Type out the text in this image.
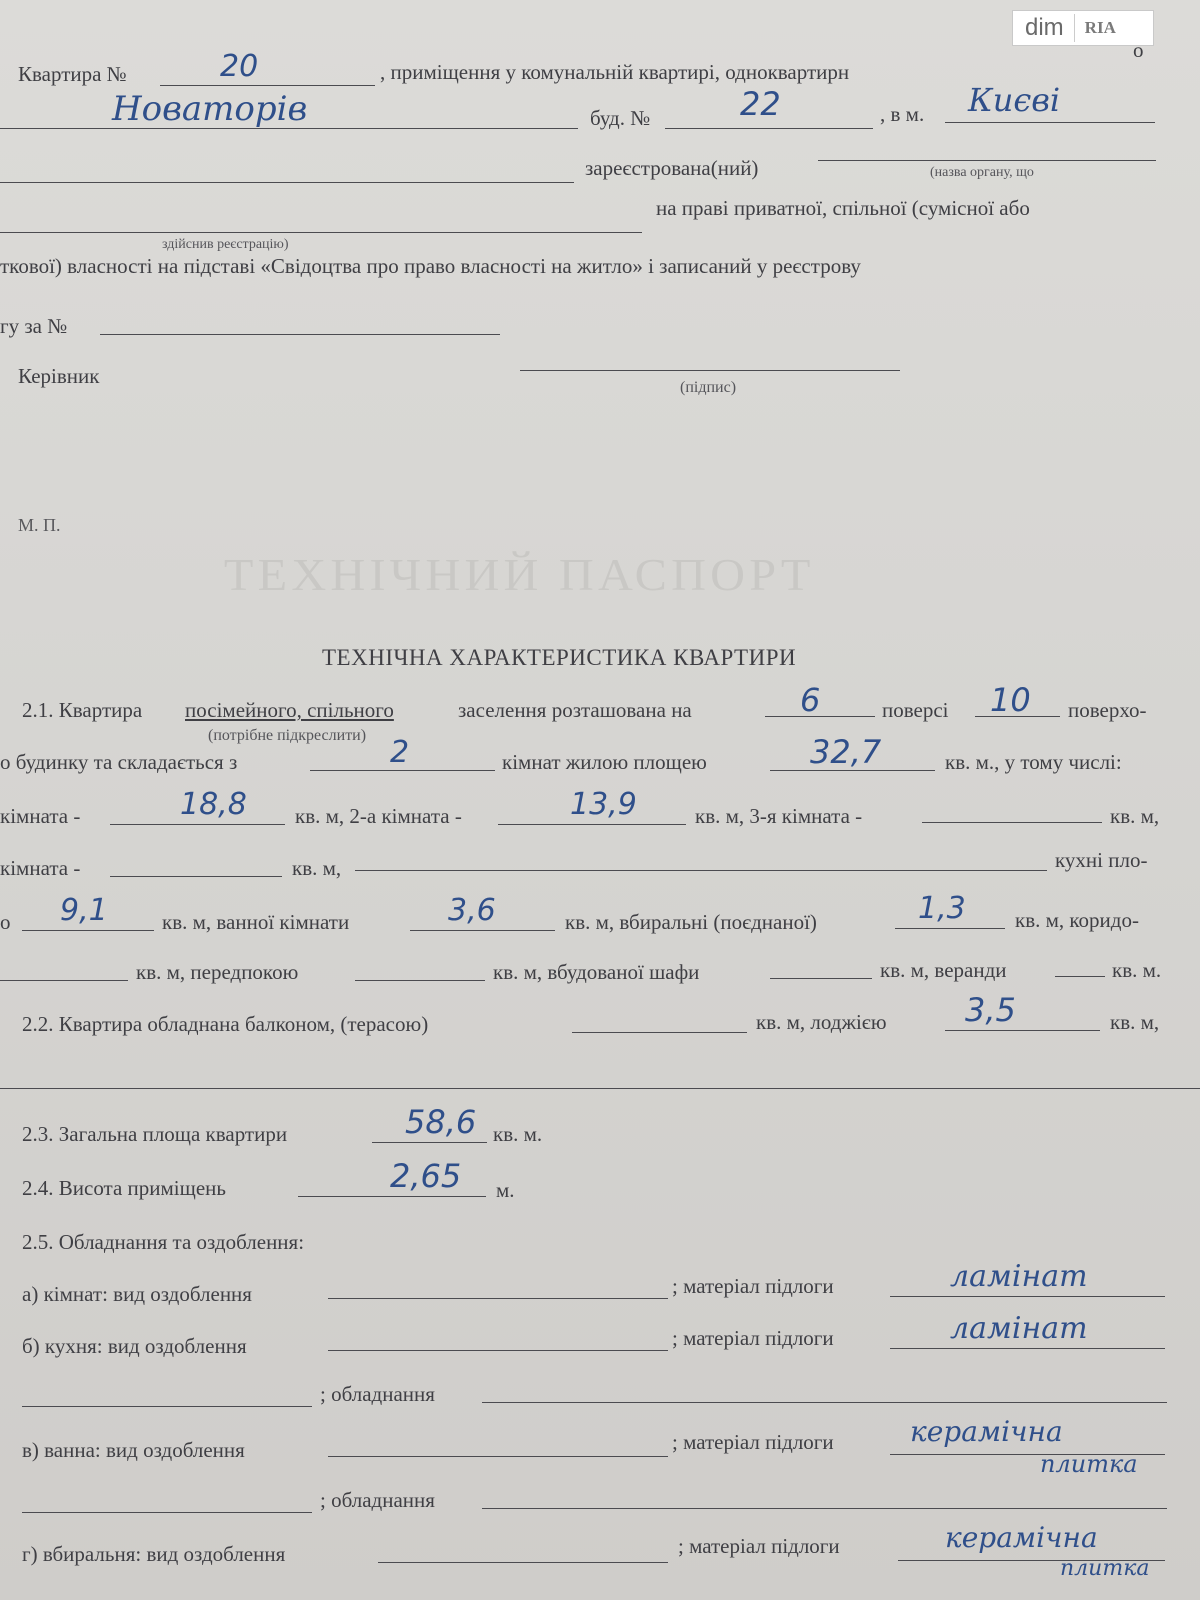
dim	RIA
Квартира №	20	, приміщення у комунальній квартирі, одноквартирн
о
Новаторів	буд. №	22	, в м. Києві
зареєстрована(ний)	(назва органу, що
на праві приватної, спільної (сумісної або
здійснив реєстрацію)
ткової) власності на підставі «Свідоцтва про право власності на житло» і записаний у реєстрову
гу за №
Керівник	(підпис)
М. П.
ТЕХНІЧНИЙ ПАСПОРТ
ТЕХНІЧНА ХАРАКТЕРИСТИКА КВАРТИРИ
2.1. Квартира посімейного, спільного	заселення розташована на	6	поверсі 10 поверхо-
(потрібне підкреслити)
о будинку та складається з	2	кімнат жилою площею	32,7	кв. м., у тому числі:
кімната -	18,8 кв. м, 2-а кімната -	13,9	кв. м, 3-я кімната -	кв. м,
кімната -	кв. м,	кухні пло-
о 9,1	кв. м, ванної кімнати	3,6	кв. м, вбиральні (поєднаної)	1,3 кв. м, коридо-
кв. м, передпокою	кв. м, вбудованої шафи	кв. м, веранди	кв. м.
2.2. Квартира обладнана балконом, (терасою)	кв. м, лоджією 3,5	кв. м,
2.3. Загальна площа квартири	58,6 кв. м.
2.4. Висота приміщень	2,65 м.
2.5. Обладнання та оздоблення:
а) кімнат: вид оздоблення	; матеріал підлоги	ламінат
б) кухня: вид оздоблення	; матеріал підлоги	ламінат
; обладнання
в) ванна: вид оздоблення	; матеріал підлоги	керамічна
плитка
; обладнання
г) вбиральня: вид оздоблення	; матеріал підлоги	керамічна
плитка
